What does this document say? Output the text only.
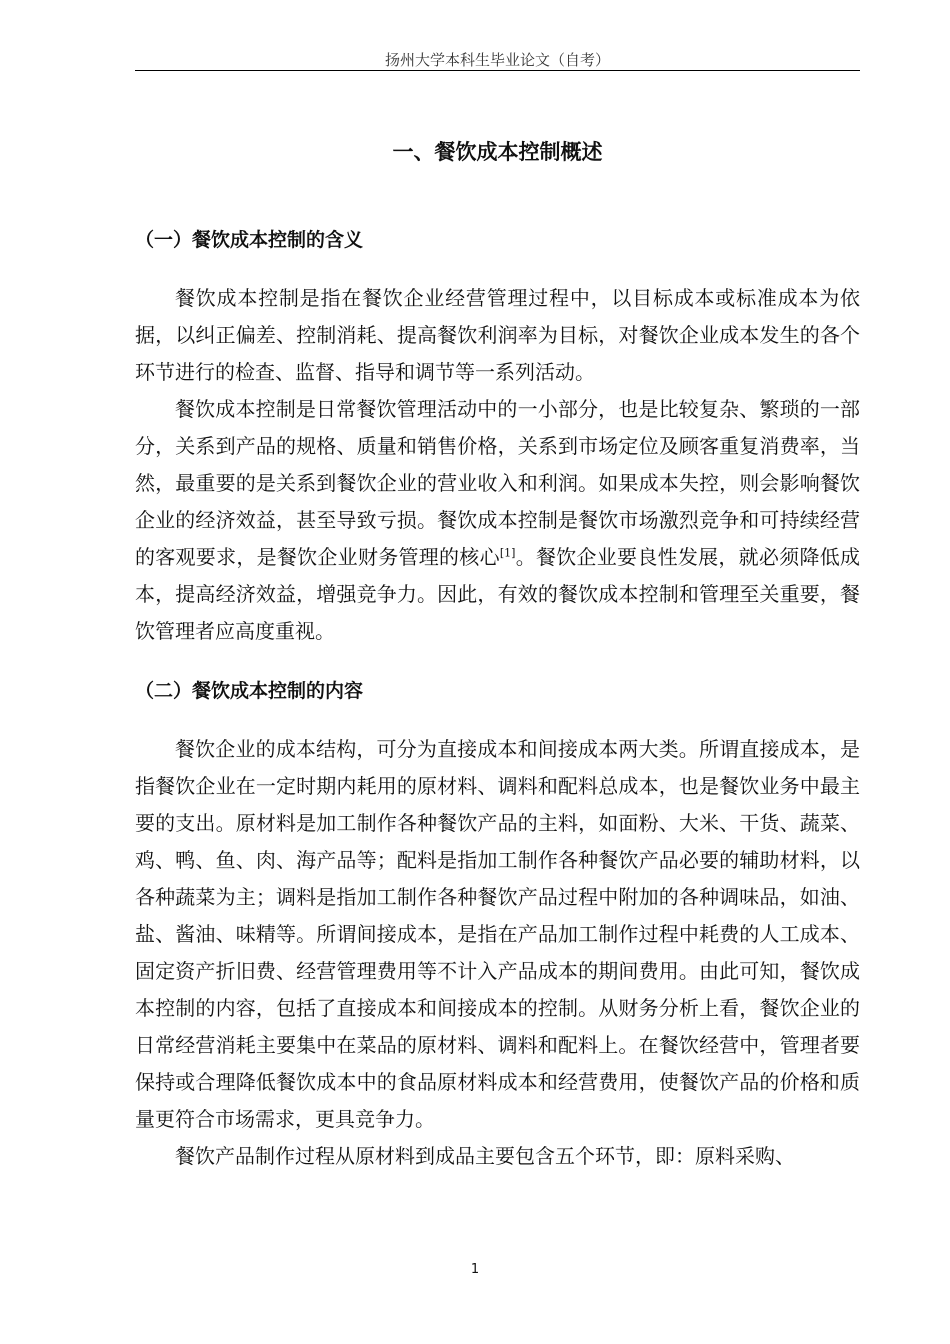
扬州大学本科生毕业论文（自考）
一、餐饮成本控制概述
（一）餐饮成本控制的含义

餐饮成本控制是指在餐饮企业经营管理过程中，以目标成本或标准成本为依据，以纠正偏差、控制消耗、提高餐饮利润率为目标，对餐饮企业成本发生的各个环节进行的检查、监督、指导和调节等一系列活动。

餐饮成本控制是日常餐饮管理活动中的一小部分，也是比较复杂、繁琐的一部分，关系到产品的规格、质量和销售价格，关系到市场定位及顾客重复消费率，当然，最重要的是关系到餐饮企业的营业收入和利润。如果成本失控，则会影响餐饮企业的经济效益，甚至导致亏损。餐饮成本控制是餐饮市场激烈竞争和可持续经营的客观要求，是餐饮企业财务管理的核心[1]。餐饮企业要良性发展，就必须降低成本，提高经济效益，增强竞争力。因此，有效的餐饮成本控制和管理至关重要，餐饮管理者应高度重视。

（二）餐饮成本控制的内容

餐饮企业的成本结构，可分为直接成本和间接成本两大类。所谓直接成本，是指餐饮企业在一定时期内耗用的原材料、调料和配料总成本，也是餐饮业务中最主要的支出。原材料是加工制作各种餐饮产品的主料，如面粉、大米、干货、蔬菜、鸡、鸭、鱼、肉、海产品等；配料是指加工制作各种餐饮产品必要的辅助材料，以各种蔬菜为主；调料是指加工制作各种餐饮产品过程中附加的各种调味品，如油、盐、酱油、味精等。所谓间接成本，是指在产品加工制作过程中耗费的人工成本、固定资产折旧费、经营管理费用等不计入产品成本的期间费用。由此可知，餐饮成本控制的内容，包括了直接成本和间接成本的控制。从财务分析上看，餐饮企业的日常经营消耗主要集中在菜品的原材料、调料和配料上。在餐饮经营中，管理者要保持或合理降低餐饮成本中的食品原材料成本和经营费用，使餐饮产品的价格和质量更符合市场需求，更具竞争力。

餐饮产品制作过程从原材料到成品主要包含五个环节，即：原料采购、

1
